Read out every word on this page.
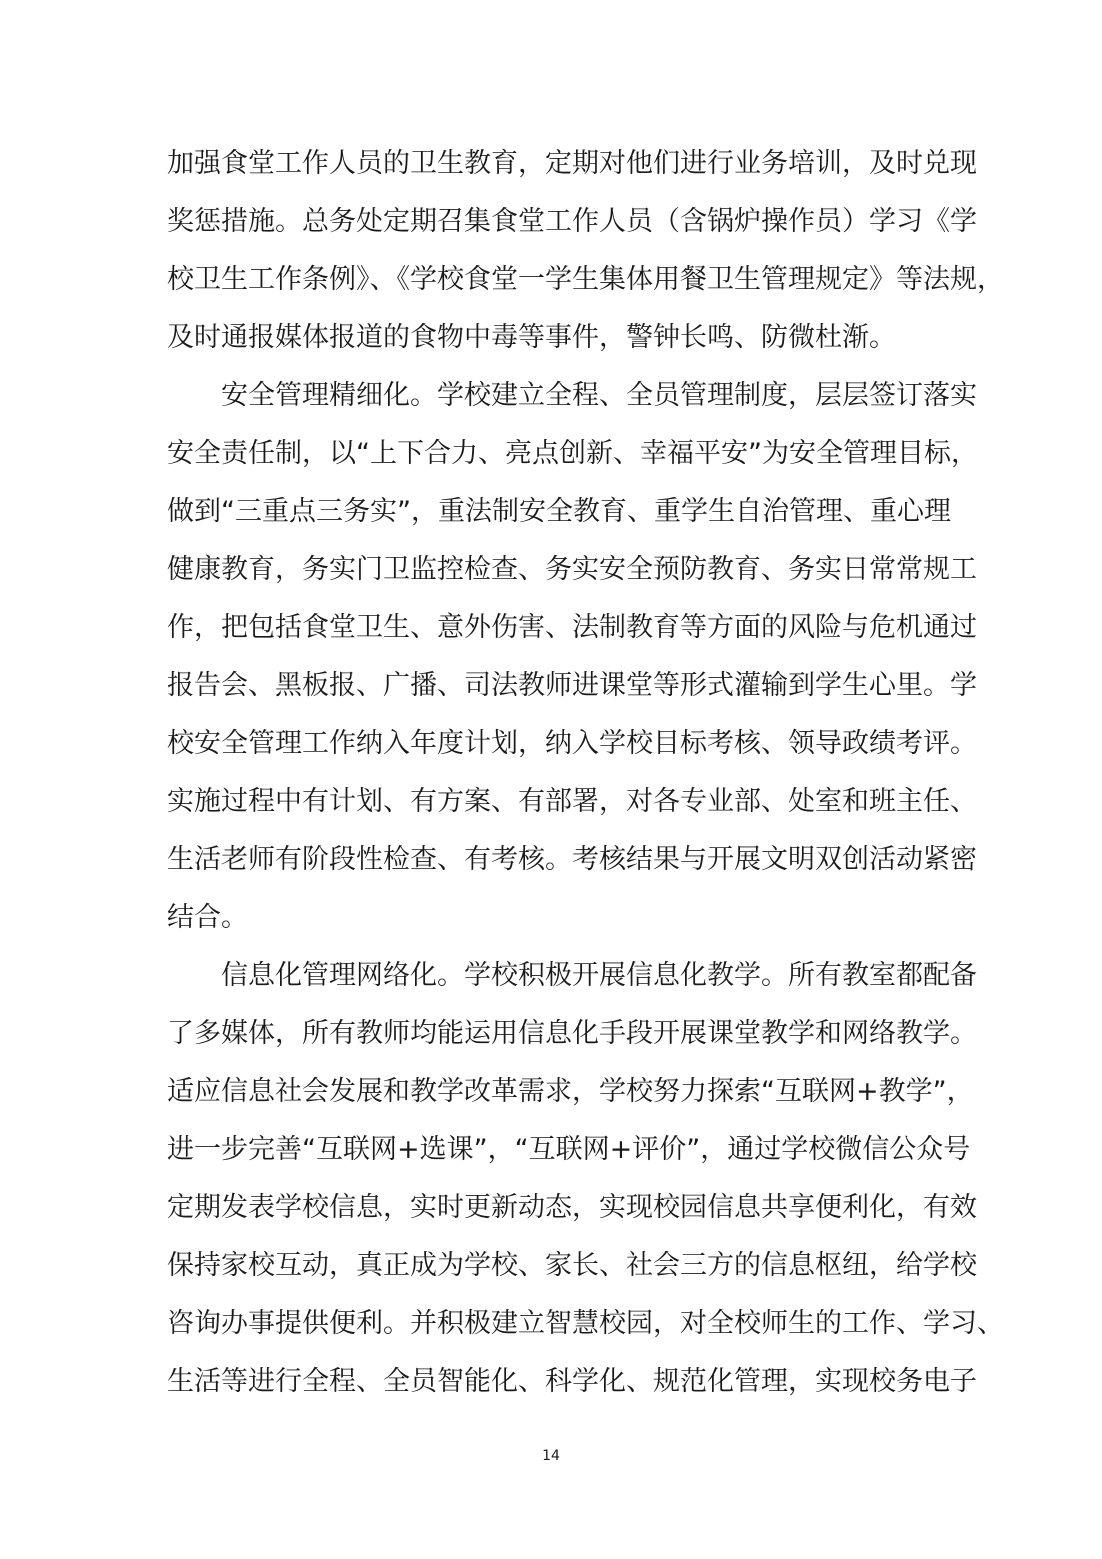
加强食堂工作人员的卫生教育，定期对他们进行业务培训，及时兑现
奖惩措施。总务处定期召集食堂工作人员（含锅炉操作员）学习《学
校卫生工作条例》、《学校食堂一学生集体用餐卫生管理规定》等法规，
及时通报媒体报道的食物中毒等事件，警钟长鸣、防微杜渐。
安全管理精细化。学校建立全程、全员管理制度，层层签订落实
安全责任制，以“上下合力、亮点创新、幸福平安”为安全管理目标，
做到“三重点三务实”，重法制安全教育、重学生自治管理、重心理
健康教育，务实门卫监控检查、务实安全预防教育、务实日常常规工
作，把包括食堂卫生、意外伤害、法制教育等方面的风险与危机通过
报告会、黑板报、广播、司法教师进课堂等形式灌输到学生心里。学
校安全管理工作纳入年度计划，纳入学校目标考核、领导政绩考评。
实施过程中有计划、有方案、有部署，对各专业部、处室和班主任、
生活老师有阶段性检查、有考核。考核结果与开展文明双创活动紧密
结合。
信息化管理网络化。学校积极开展信息化教学。所有教室都配备
了多媒体，所有教师均能运用信息化手段开展课堂教学和网络教学。
适应信息社会发展和教学改革需求，学校努力探索“互联网+教学”，
进一步完善“互联网+选课”，“互联网+评价”，通过学校微信公众号
定期发表学校信息，实时更新动态，实现校园信息共享便利化，有效
保持家校互动，真正成为学校、家长、社会三方的信息枢纽，给学校
咨询办事提供便利。并积极建立智慧校园，对全校师生的工作、学习、
生活等进行全程、全员智能化、科学化、规范化管理，实现校务电子
14
